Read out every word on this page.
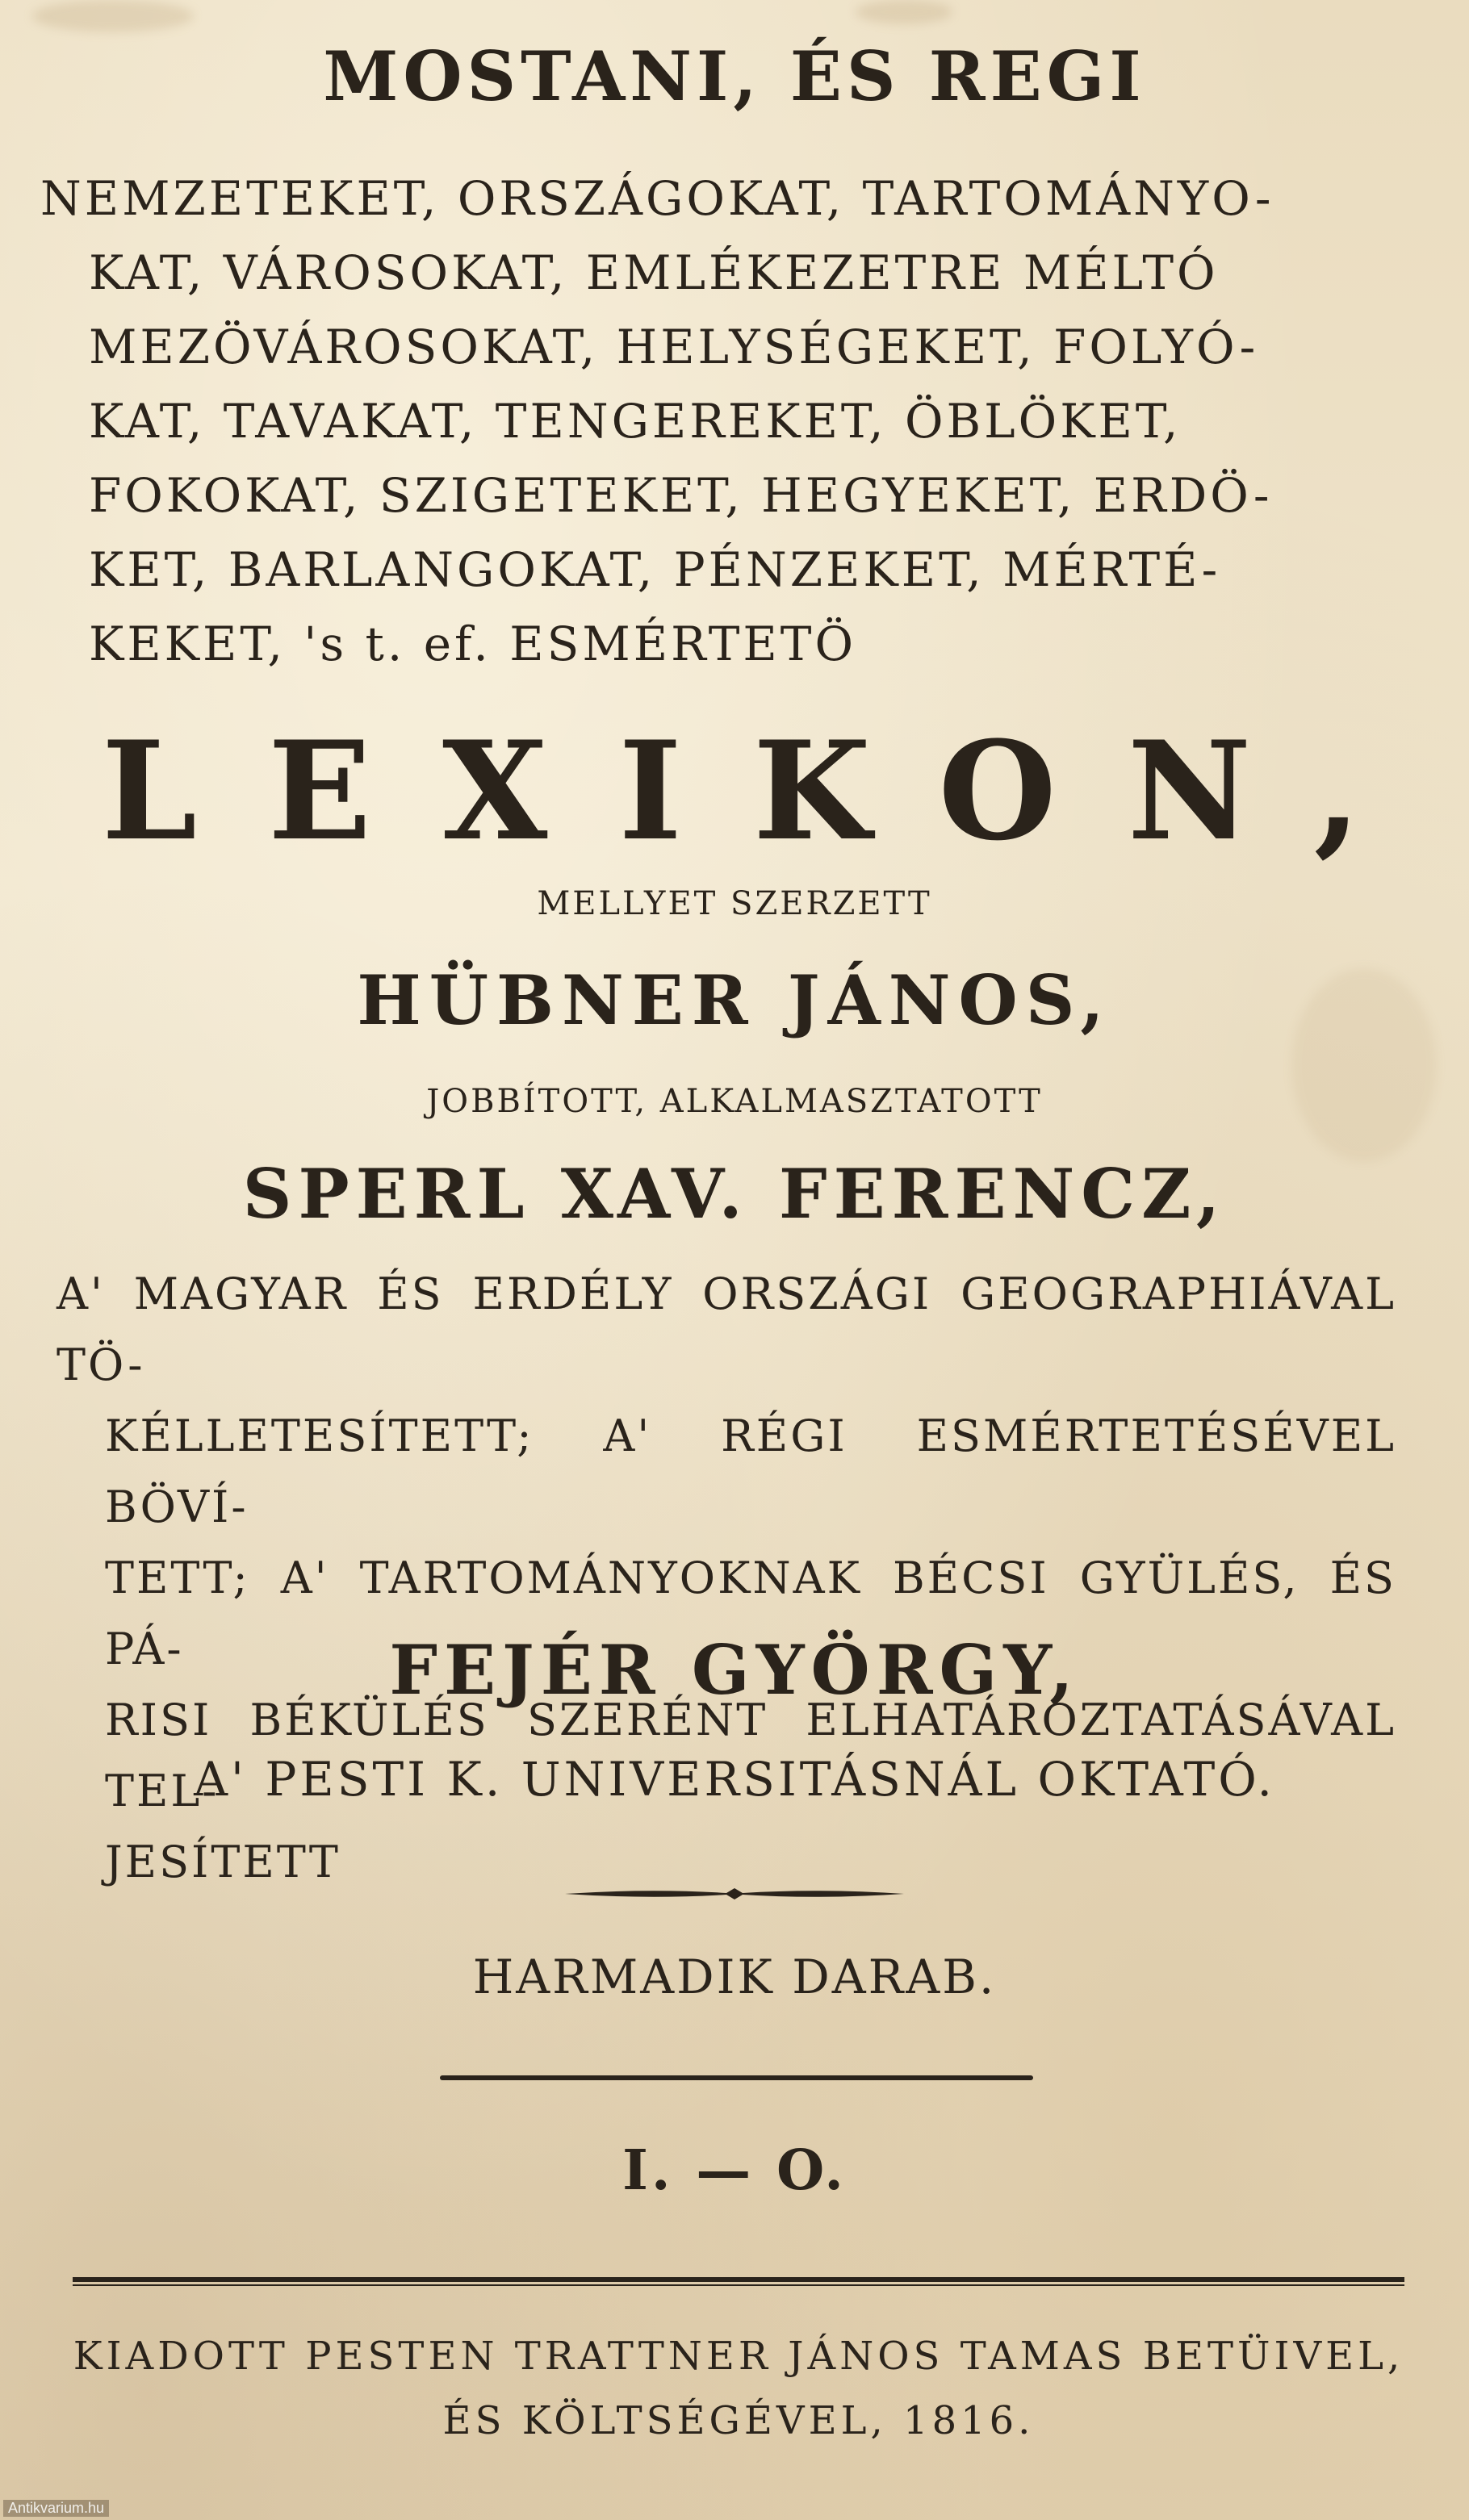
MOSTANI, ÉS REGI
NEMZETEKET, ORSZÁGOKAT, TARTOMÁNYO-
KAT, VÁROSOKAT, EMLÉKEZETRE MÉLTÓ
MEZÖVÁROSOKAT, HELYSÉGEKET, FOLYÓ-
KAT, TAVAKAT, TENGEREKET, ÖBLÖKET,
FOKOKAT, SZIGETEKET, HEGYEKET, ERDÖ-
KET, BARLANGOKAT, PÉNZEKET, MÉRTÉ-
KEKET, 's t. ef. ESMÉRTETÖ
LEXIKON,
MELLYET SZERZETT
HÜBNER JÁNOS,
JOBBÍTOTT, ALKALMASZTATOTT
SPERL XAV. FERENCZ,
A' MAGYAR ÉS ERDÉLY ORSZÁGI GEOGRAPHIÁVAL TÖ-
KÉLLETESÍTETT; A' RÉGI ESMÉRTETÉSÉVEL BÖVÍ-
TETT; A' TARTOMÁNYOKNAK BÉCSI GYÜLÉS, ÉS PÁ-
RISI BÉKÜLÉS SZERÉNT ELHATÁROZTATÁSÁVAL TEL-
JESÍTETT
FEJÉR GYÖRGY,
A' PESTI K. UNIVERSITÁSNÁL OKTATÓ.
HARMADIK DARAB.
I. — O.
KIADOTT PESTEN TRATTNER JÁNOS TAMAS BETÜIVEL,
ÉS KÖLTSÉGÉVEL, 1816.
Antikvarium.hu
